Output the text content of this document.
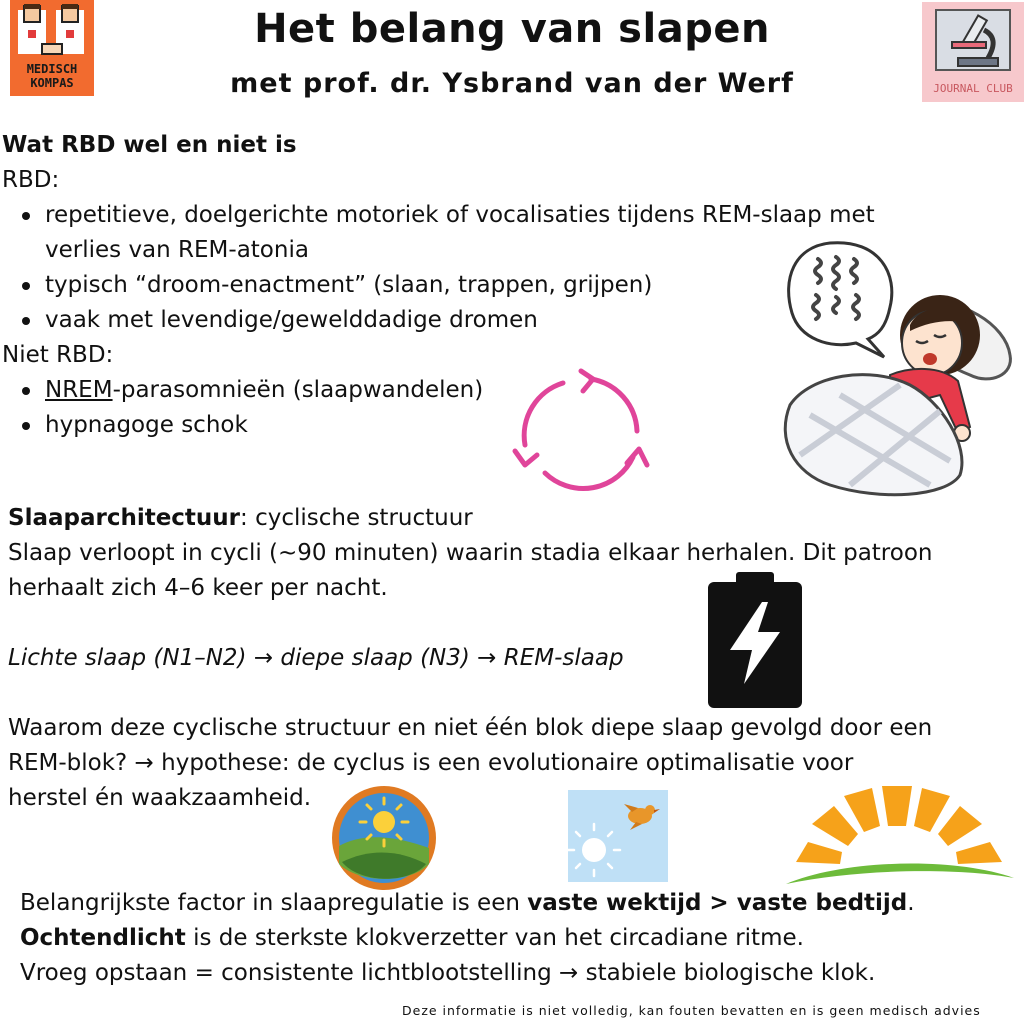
Het belang van slapen
met prof. dr. Ysbrand van der Werf
MEDISCH
KOMPAS	JOURNAL CLUB
Wat RBD wel en niet is
RBD:
repetitieve, doelgerichte motoriek of vocalisaties tijdens REM-slaap met
verlies van REM-atonia
typisch “droom-enactment” (slaan, trappen, grijpen)
vaak met levendige/gewelddadige dromen
Niet RBD:
NREM-parasomnieën (slaapwandelen)
hypnagoge schok
Slaaparchitectuur: cyclische structuur
Slaap verloopt in cycli (~90 minuten) waarin stadia elkaar herhalen. Dit patroon
herhaalt zich 4–6 keer per nacht.
Lichte slaap (N1–N2) → diepe slaap (N3) → REM-slaap
Waarom deze cyclische structuur en niet één blok diepe slaap gevolgd door een
REM-blok? → hypothese: de cyclus is een evolutionaire optimalisatie voor
herstel én waakzaamheid.
Belangrijkste factor in slaapregulatie is een vaste wektijd > vaste bedtijd.
Ochtendlicht is de sterkste klokverzetter van het circadiane ritme.
Vroeg opstaan = consistente lichtblootstelling → stabiele biologische klok.
Deze informatie is niet volledig, kan fouten bevatten en is geen medisch advies
